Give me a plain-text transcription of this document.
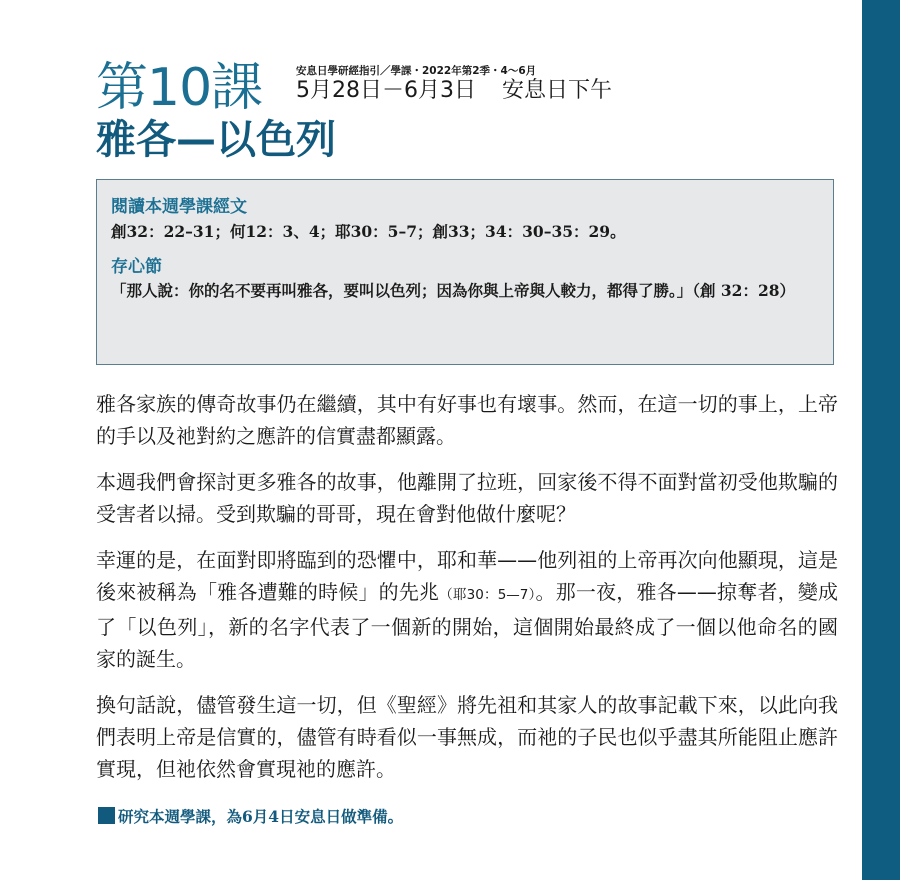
第10課	安息日學研經指引／學課・2022年第2季・4〜6月
5月28日－6月3日 安息日下午
雅各—以色列
閱讀本週學課經文
創32：22–31；何12：3、4；耶30：5–7；創33；34：30–35：29。
存心節
「那人說：你的名不要再叫雅各，要叫以色列；因為你與上帝與人較力，都得了勝。」（創 32：28）

雅各家族的傳奇故事仍在繼續，其中有好事也有壞事。然而，在這一切的事上，上帝的手以及祂對約之應許的信實盡都顯露。

本週我們會探討更多雅各的故事，他離開了拉班，回家後不得不面對當初受他欺騙的受害者以掃。受到欺騙的哥哥，現在會對他做什麼呢？

幸運的是，在面對即將臨到的恐懼中，耶和華——他列祖的上帝再次向他顯現，這是後來被稱為「雅各遭難的時候」的先兆（耶30：5—7）。那一夜，雅各——掠奪者，變成了「以色列」，新的名字代表了一個新的開始，這個開始最終成了一個以他命名的國家的誕生。

換句話說，儘管發生這一切，但《聖經》將先祖和其家人的故事記載下來，以此向我們表明上帝是信實的，儘管有時看似一事無成，而祂的子民也似乎盡其所能阻止應許實現，但祂依然會實現祂的應許。

研究本週學課，為6月4日安息日做準備。
